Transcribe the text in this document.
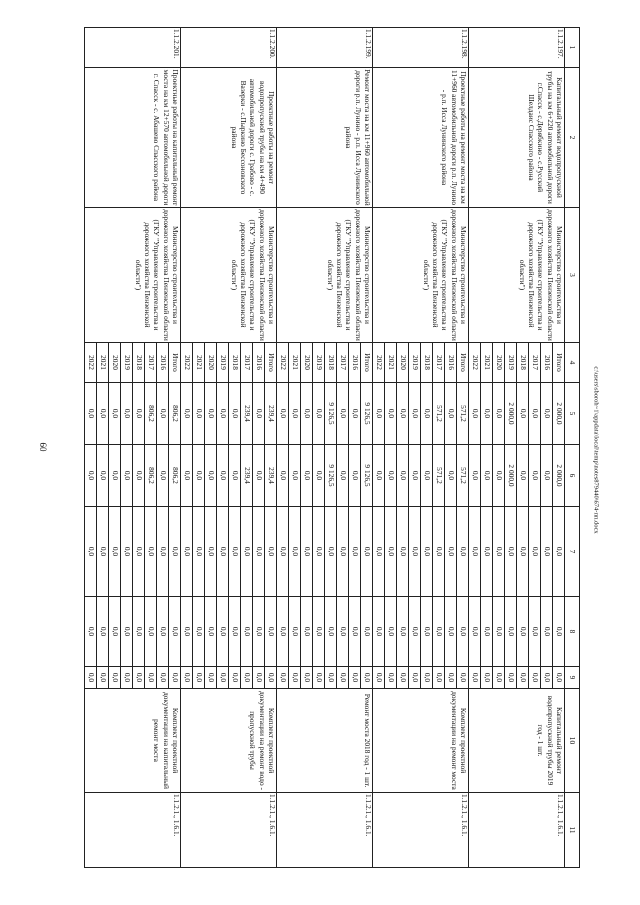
60	c:\users\sboroh~1\appdata\local\temp\notes879440\674-пп.docx
1	2	3	4	5	6	7	8	9	10	11
1.1.2.197.	Капитальный ремонт водопропускной трубы на км 6+220 автомобильной дороги г.Спасск - с.Дерябкино - с.Русский Шелдаис Спасского района	Министерство строительства и дорожного хозяйства Пензенской области (ГКУ "Управление строительства и дорожного хозяйства Пензенской области")	Итого	2 000,0	2 000,0	0,0	0,0	0,0	Капитальный ремонт водопропускной трубы 2019 год - 1 шт.	1.1.2.1., 1.6.1.
			2016	0,0	0,0	0,0	0,0	0,0		
			2017	0,0	0,0	0,0	0,0	0,0		
			2018	0,0	0,0	0,0	0,0	0,0		
			2019	2 000,0	2 000,0	0,0	0,0	0,0		
			2020	0,0	0,0	0,0	0,0	0,0		
			2021	0,0	0,0	0,0	0,0	0,0		
			2022	0,0	0,0	0,0	0,0	0,0		
1.1.2.198.	Проектные работы на ремонт моста на км 11+960 автомобильной дороги р.п. Лунино - р.п. Исса Лунинского района	Министерство строительства и дорожного хозяйства Пензенской области (ГКУ "Управление строительства и дорожного хозяйства Пензенской области")	Итого	571,2	571,2	0,0	0,0	0,0	Комплект проектной документации на ремонт моста	1.1.2.1., 1.6.1.
			2016	0,0	0,0	0,0	0,0	0,0		
			2017	571,2	571,2	0,0	0,0	0,0		
			2018	0,0	0,0	0,0	0,0	0,0		
			2019	0,0	0,0	0,0	0,0	0,0		
			2020	0,0	0,0	0,0	0,0	0,0		
			2021	0,0	0,0	0,0	0,0	0,0		
			2022	0,0	0,0	0,0	0,0	0,0		
1.1.2.199.	Ремонт моста на км 11+960 автомобильной дороги р.п. Лунино - р.п. Исса Лунинского района	Министерство строительства и дорожного хозяйства Пензенской области (ГКУ "Управление строительства и дорожного хозяйства Пензенской области")	Итого	9 126,5	9 126,5	0,0	0,0	0,0	Ремонт моста 2018 год - 1 шт.	1.1.2.1., 1.6.1.
			2016	0,0	0,0	0,0	0,0	0,0		
			2017	0,0	0,0	0,0	0,0	0,0		
			2018	9 126,5	9 126,5	0,0	0,0	0,0		
			2019	0,0	0,0	0,0	0,0	0,0		
			2020	0,0	0,0	0,0	0,0	0,0		
			2021	0,0	0,0	0,0	0,0	0,0		
			2022	0,0	0,0	0,0	0,0	0,0		
1.1.2.200.	Проектные работы на ремонт водопропускной трубы на км 4+490 автомобильной дороги с. Грабово - с. Вазерки - с.Пыркино Бессоновского района	Министерство строительства и дорожного хозяйства Пензенской области (ГКУ "Управление строительства и дорожного хозяйства Пензенской области")	Итого	239,4	239,4	0,0	0,0	0,0	Комплект проектной документации на ремонт водо - пропускной трубы	1.1.2.1., 1.6.1.
			2016	0,0	0,0	0,0	0,0	0,0		
			2017	239,4	239,4	0,0	0,0	0,0		
			2018	0,0	0,0	0,0	0,0	0,0		
			2019	0,0	0,0	0,0	0,0	0,0		
			2020	0,0	0,0	0,0	0,0	0,0		
			2021	0,0	0,0	0,0	0,0	0,0		
			2022	0,0	0,0	0,0	0,0	0,0		
1.1.2.201.	Проектные работы на капитальный ремонт моста на км 12+570 автомобильной дороги г. Спасск - с. Абашево Спасского района	Министерство строительства и дорожного хозяйства Пензенской области (ГКУ "Управление строительства и дорожного хозяйства Пензенской области")	Итого	806,2	806,2	0,0	0,0	0,0	Комплект проектной документации на капитальный ремонт моста	1.1.2.1., 1.6.1.
			2016	0,0	0,0	0,0	0,0	0,0		
			2017	806,2	806,2	0,0	0,0	0,0		
			2018	0,0	0,0	0,0	0,0	0,0		
			2019	0,0	0,0	0,0	0,0	0,0		
			2020	0,0	0,0	0,0	0,0	0,0		
			2021	0,0	0,0	0,0	0,0	0,0		
			2022	0,0	0,0	0,0	0,0	0,0		
